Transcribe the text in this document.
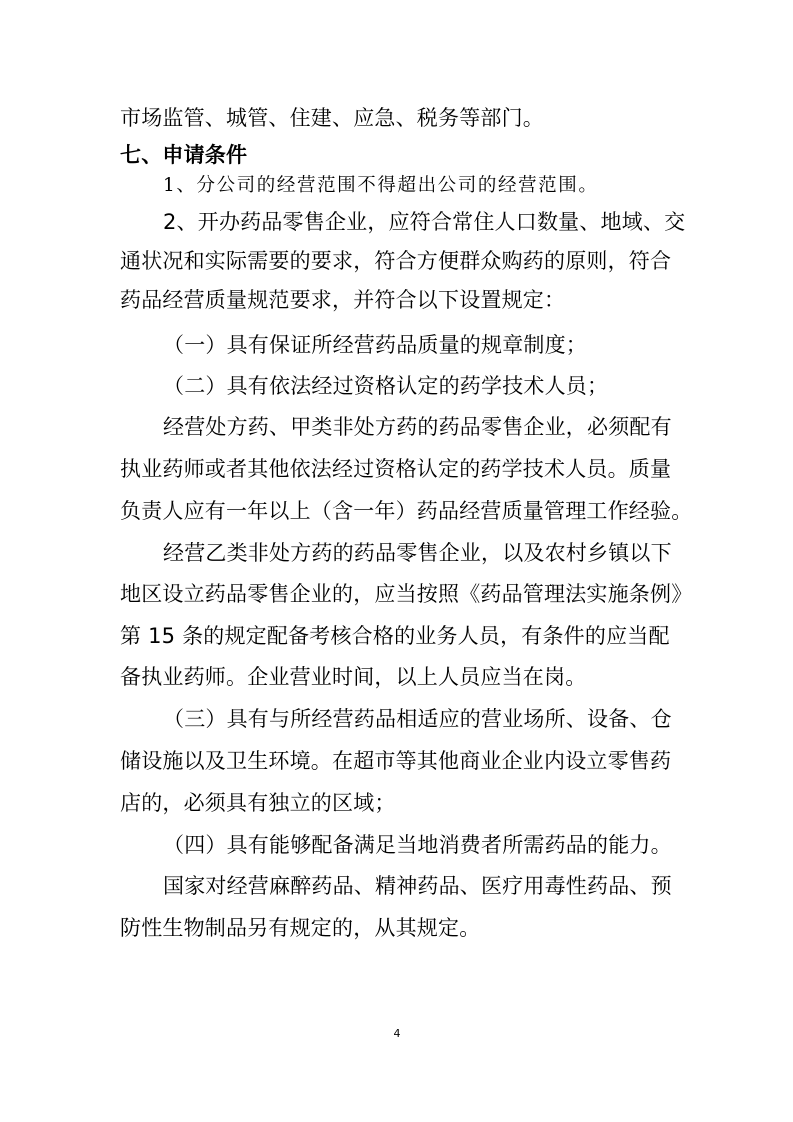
市场监管、城管、住建、应急、税务等部门。
七、申请条件
1、分公司的经营范围不得超出公司的经营范围。
2、开办药品零售企业，应符合常住人口数量、地域、交
通状况和实际需要的要求，符合方便群众购药的原则，符合
药品经营质量规范要求，并符合以下设置规定：
（一）具有保证所经营药品质量的规章制度；
（二）具有依法经过资格认定的药学技术人员；
经营处方药、甲类非处方药的药品零售企业，必须配有
执业药师或者其他依法经过资格认定的药学技术人员。质量
负责人应有一年以上（含一年）药品经营质量管理工作经验。
经营乙类非处方药的药品零售企业，以及农村乡镇以下
地区设立药品零售企业的，应当按照《药品管理法实施条例》
第 15 条的规定配备考核合格的业务人员，有条件的应当配
备执业药师。企业营业时间，以上人员应当在岗。
（三）具有与所经营药品相适应的营业场所、设备、仓
储设施以及卫生环境。在超市等其他商业企业内设立零售药
店的，必须具有独立的区域；
（四）具有能够配备满足当地消费者所需药品的能力。
国家对经营麻醉药品、精神药品、医疗用毒性药品、预
防性生物制品另有规定的，从其规定。
4
